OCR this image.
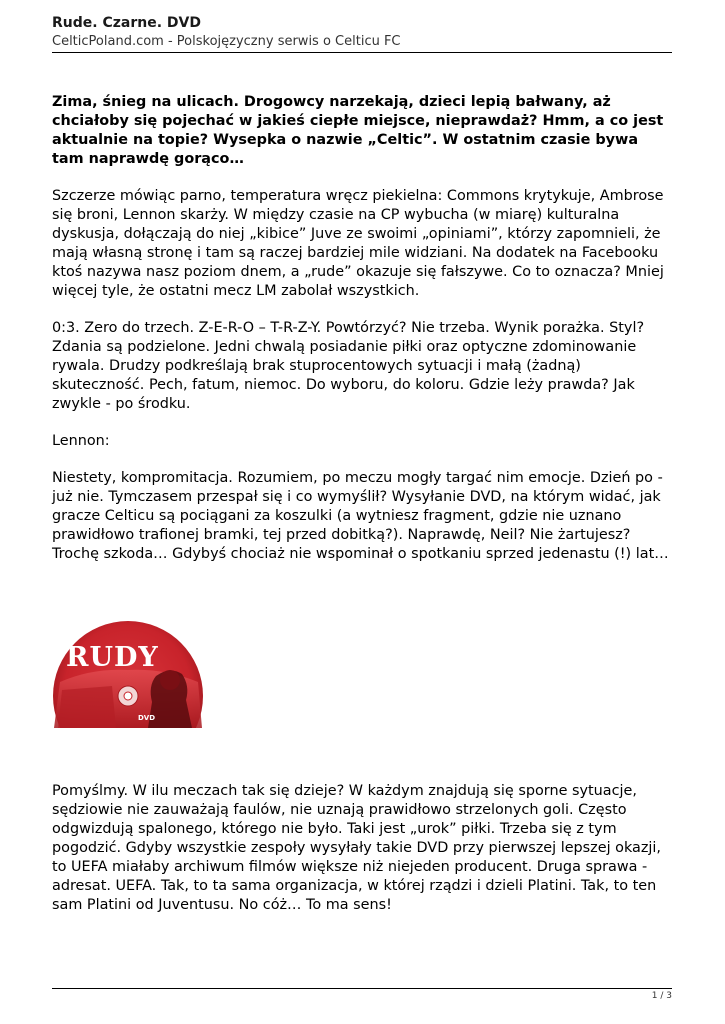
Rude. Czarne. DVD
CelticPoland.com - Polskojęzyczny serwis o Celticu FC

Zima, śnieg na ulicach. Drogowcy narzekają, dzieci lepią bałwany, aż chciałoby się pojechać w jakieś ciepłe miejsce, nieprawdaż? Hmm, a co jest aktualnie na topie? Wysepka o nazwie „Celtic”. W ostatnim czasie bywa tam naprawdę gorąco…

Szczerze mówiąc parno, temperatura wręcz piekielna: Commons krytykuje, Ambrose się broni, Lennon skarży. W między czasie na CP wybucha (w miarę) kulturalna dyskusja, dołączają do niej „kibice” Juve ze swoimi „opiniami”, którzy zapomnieli, że mają własną stronę i tam są raczej bardziej mile widziani. Na dodatek na Facebooku ktoś nazywa nasz poziom dnem, a „rude” okazuje się fałszywe. Co to oznacza? Mniej więcej tyle, że ostatni mecz LM zabolał wszystkich.

0:3. Zero do trzech. Z-E-R-O – T-R-Z-Y. Powtórzyć? Nie trzeba. Wynik porażka. Styl? Zdania są podzielone. Jedni chwalą posiadanie piłki oraz optyczne zdominowanie rywala. Drudzy podkreślają brak stuprocentowych sytuacji i małą (żadną) skuteczność. Pech, fatum, niemoc. Do wyboru, do koloru. Gdzie leży prawda? Jak zwykle - po środku.

Lennon:

Niestety, kompromitacja. Rozumiem, po meczu mogły targać nim emocje. Dzień po - już nie. Tymczasem przespał się i co wymyślił? Wysyłanie DVD, na którym widać, jak gracze Celticu są pociągani za koszulki (a wytniesz fragment, gdzie nie uznano prawidłowo trafionej bramki, tej przed dobitką?). Naprawdę, Neil? Nie żartujesz? Trochę szkoda… Gdybyś chociaż nie wspominał o spotkaniu sprzed jedenastu (!) lat…

RUDY
DVD

Pomyślmy. W ilu meczach tak się dzieje? W każdym znajdują się sporne sytuacje, sędziowie nie zauważają faulów, nie uznają prawidłowo strzelonych goli. Często odgwizdują spalonego, którego nie było. Taki jest „urok” piłki. Trzeba się z tym pogodzić. Gdyby wszystkie zespoły wysyłały takie DVD przy pierwszej lepszej okazji, to UEFA miałaby archiwum filmów większe niż niejeden producent. Druga sprawa - adresat. UEFA. Tak, to ta sama organizacja, w której rządzi i dzieli Platini. Tak, to ten sam Platini od Juventusu. No cóż… To ma sens!

1 / 3
